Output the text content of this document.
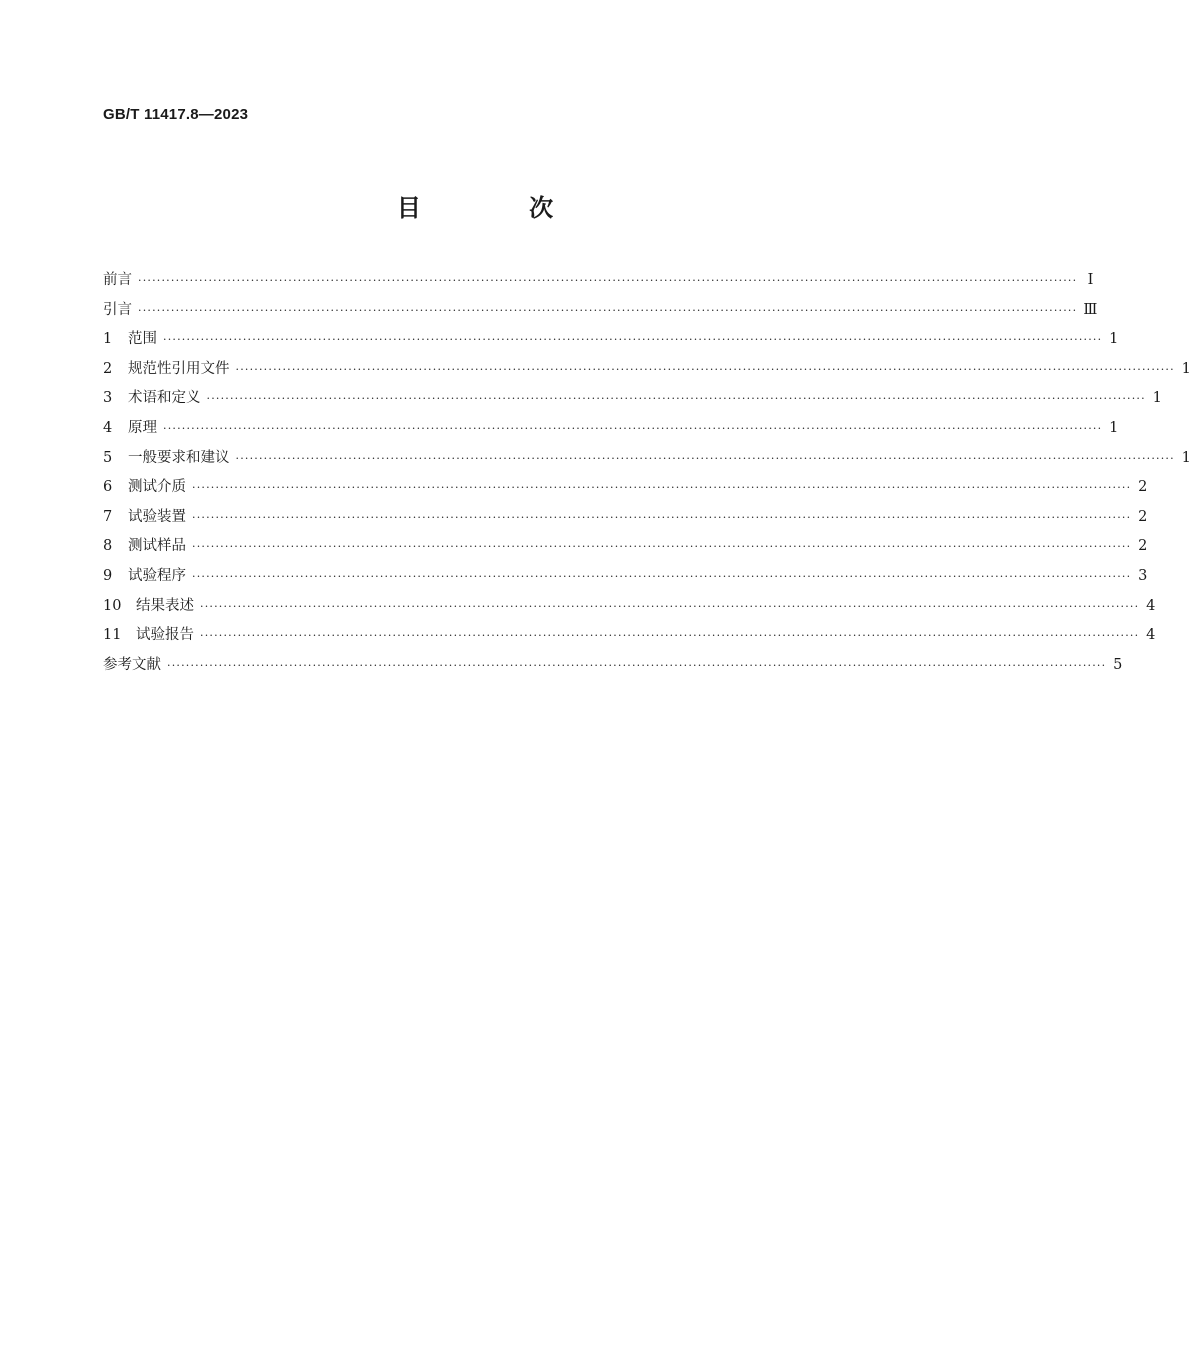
GB/T 11417.8—2023
目 次
前言 ········································································································································································································ Ⅰ
引言 ········································································································································································································ Ⅲ
1	范围 ········································································································································································································ 1
2	规范性引用文件 ········································································································································································································ 1
3	术语和定义 ········································································································································································································ 1
4	原理 ········································································································································································································ 1
5	一般要求和建议 ········································································································································································································ 1
6	测试介质 ········································································································································································································ 2
7	试验装置 ········································································································································································································ 2
8	测试样品 ········································································································································································································ 2
9	试验程序 ········································································································································································································ 3
10	结果表述 ········································································································································································································ 4
11	试验报告 ········································································································································································································ 4
参考文献 ········································································································································································································ 5
